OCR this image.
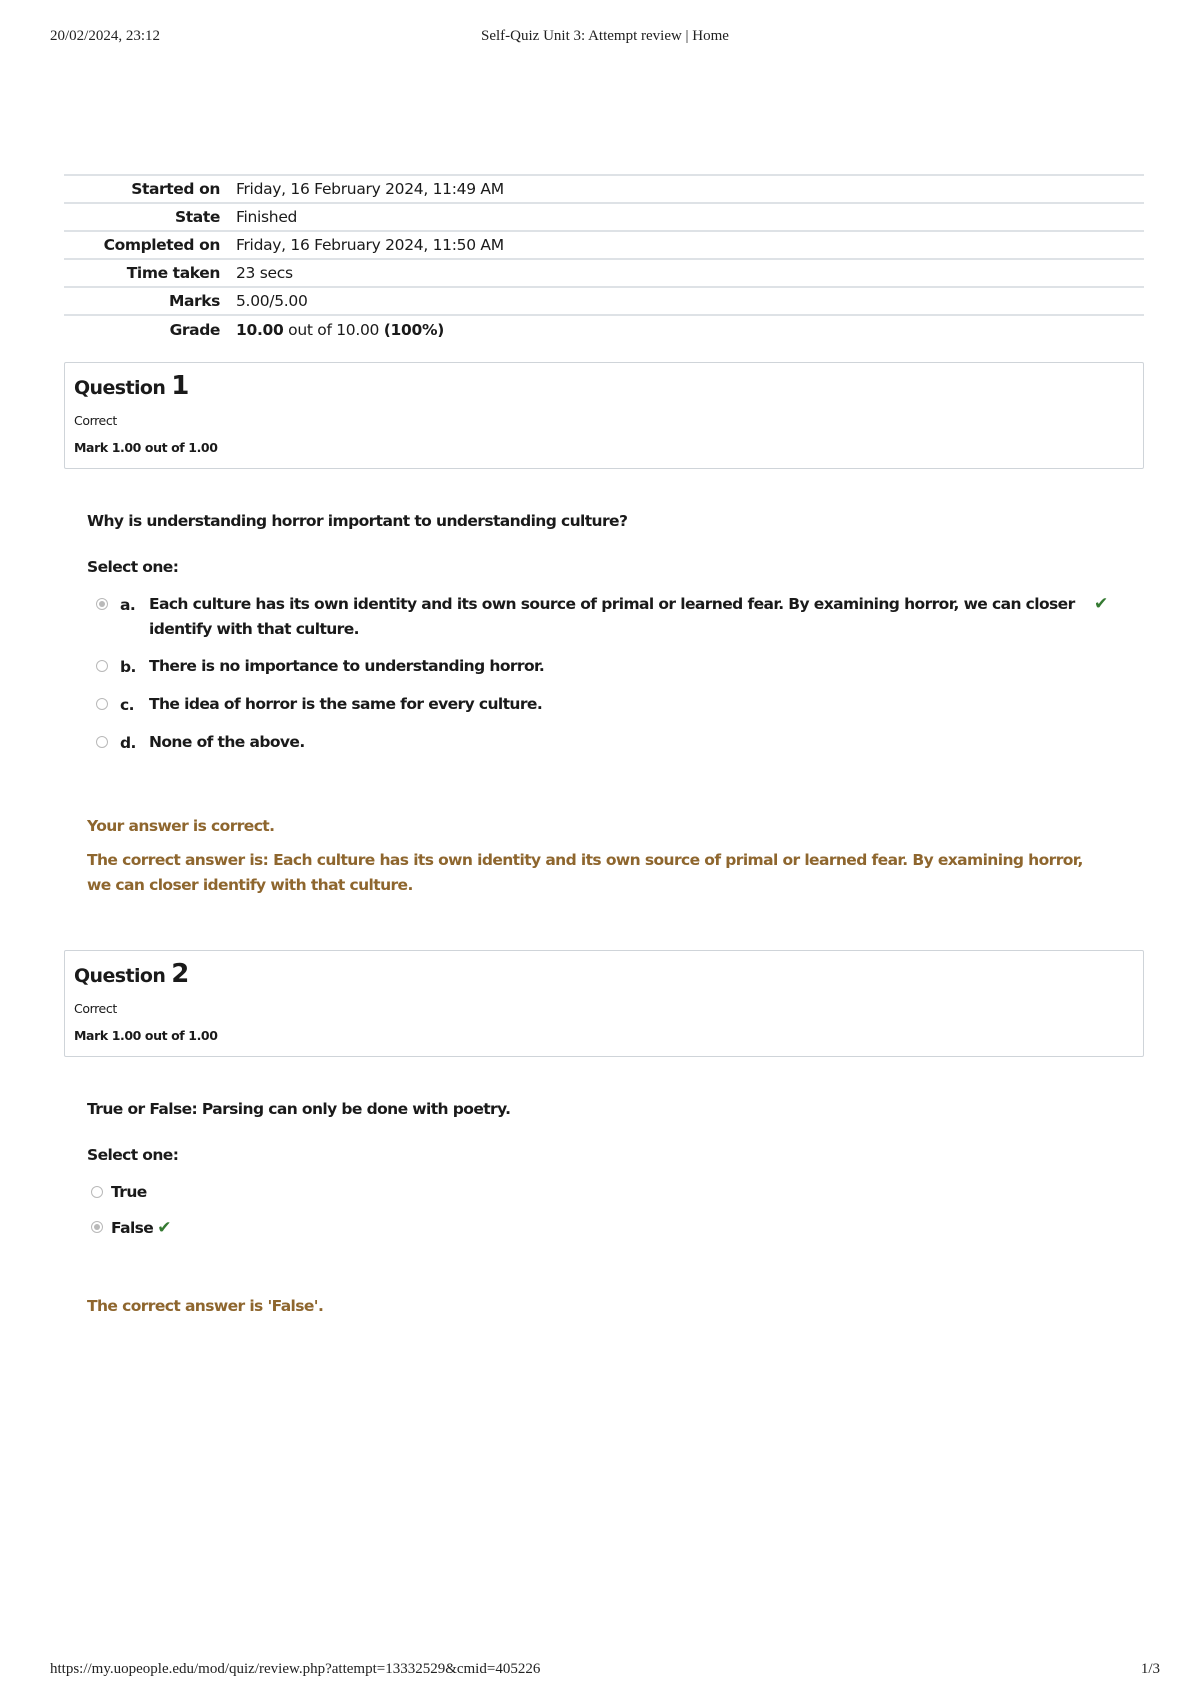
20/02/2024, 23:12	Self-Quiz Unit 3: Attempt review | Home
Started on	Friday, 16 February 2024, 11:49 AM
State	Finished
Completed on	Friday, 16 February 2024, 11:50 AM
Time taken	23 secs
Marks	5.00/5.00
Grade	10.00 out of 10.00 (100%)
Question 1
Correct
Mark 1.00 out of 1.00
Why is understanding horror important to understanding culture?
Select one:
a. Each culture has its own identity and its own source of primal or learned fear. By examining horror, we can closer identify with that culture.
✔
b. There is no importance to understanding horror.
c. The idea of horror is the same for every culture.
d. None of the above.
Your answer is correct.
The correct answer is: Each culture has its own identity and its own source of primal or learned fear. By examining horror, we can closer identify with that culture.
Question 2
Correct
Mark 1.00 out of 1.00
True or False: Parsing can only be done with poetry.
Select one:
True
False ✔
The correct answer is 'False'.
https://my.uopeople.edu/mod/quiz/review.php?attempt=13332529&cmid=405226	1/3
